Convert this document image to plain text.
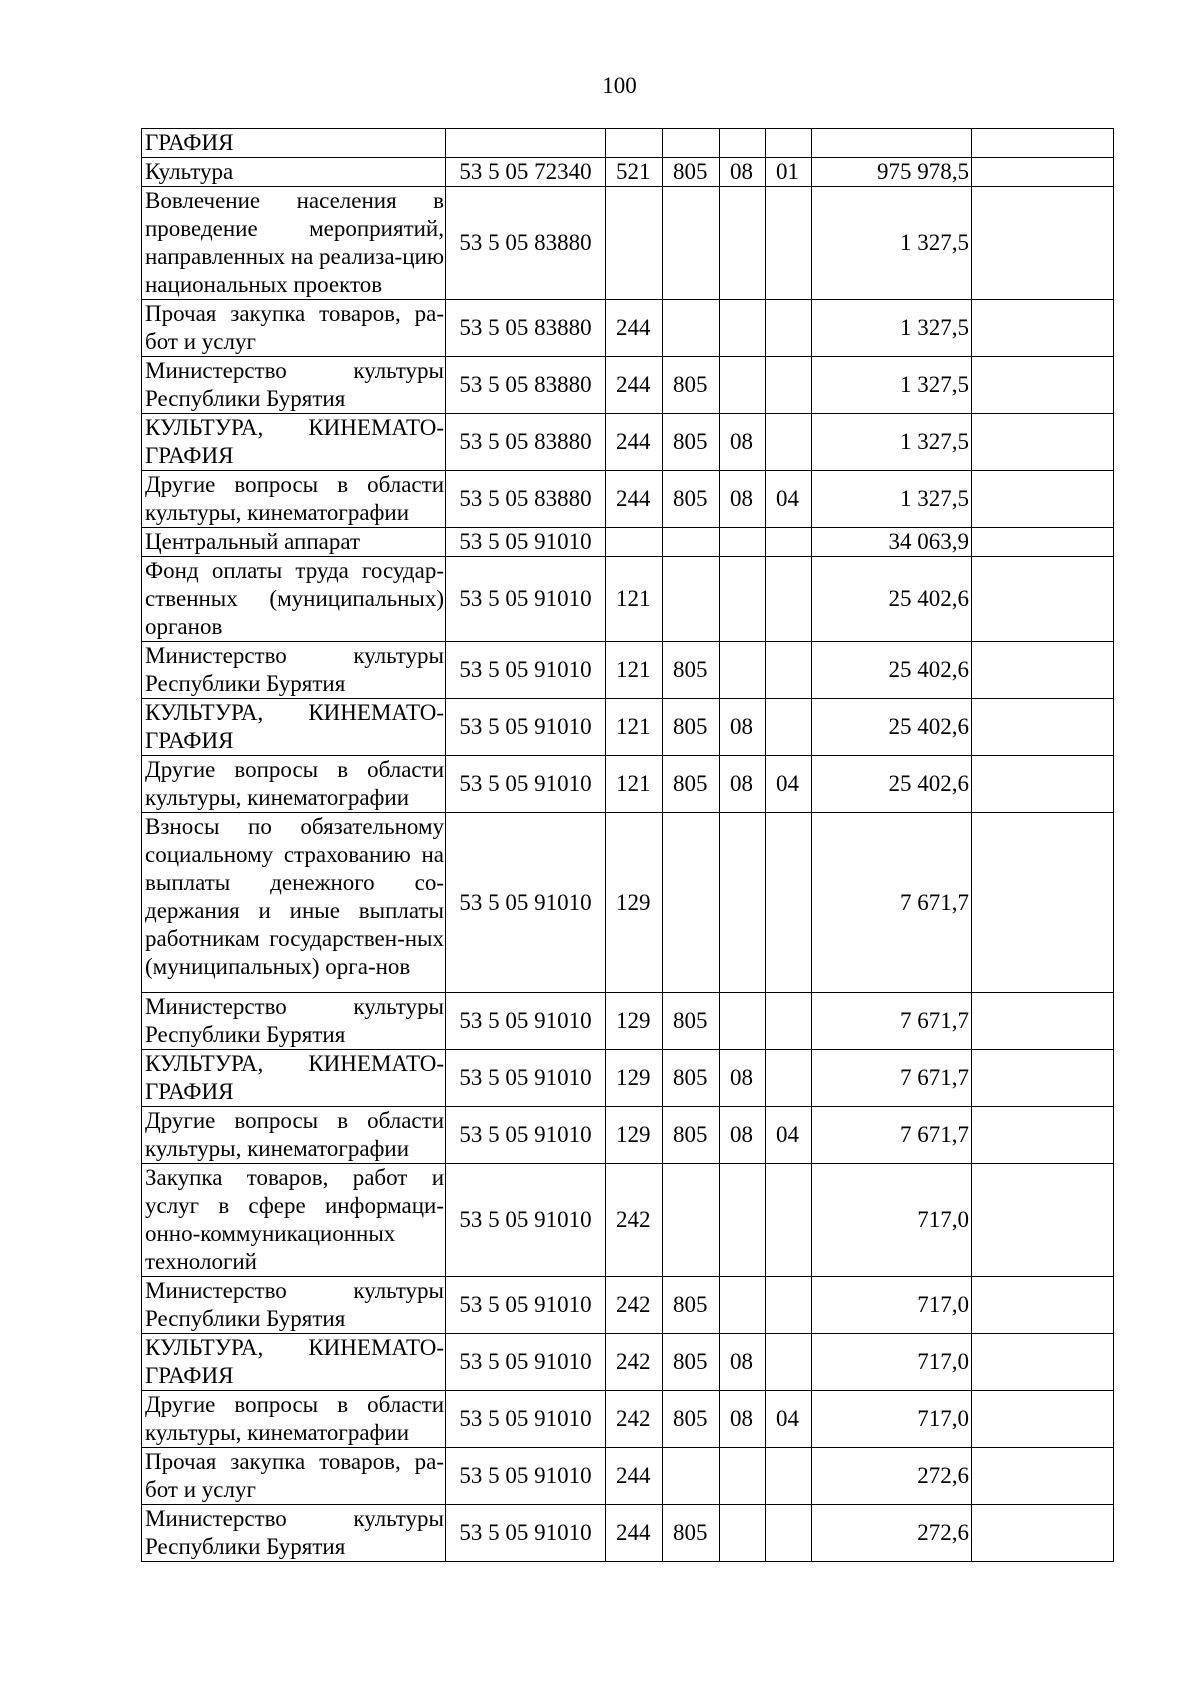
100
ГРАФИЯ							
Культура	53 5 05 72340	521	805	08	01	975 978,5	
Вовлечение населения в проведение мероприятий, направленных на реализа-цию национальных проектов	53 5 05 83880					1 327,5	
Прочая закупка товаров, ра-бот и услуг	53 5 05 83880	244				1 327,5	
Министерство культуры Республики Бурятия	53 5 05 83880	244	805			1 327,5	
КУЛЬТУРА, КИНЕМАТО-ГРАФИЯ	53 5 05 83880	244	805	08		1 327,5	
Другие вопросы в области культуры, кинематографии	53 5 05 83880	244	805	08	04	1 327,5	
Центральный аппарат	53 5 05 91010					34 063,9	
Фонд оплаты труда государ-ственных (муниципальных) органов	53 5 05 91010	121				25 402,6	
Министерство культуры Республики Бурятия	53 5 05 91010	121	805			25 402,6	
КУЛЬТУРА, КИНЕМАТО-ГРАФИЯ	53 5 05 91010	121	805	08		25 402,6	
Другие вопросы в области культуры, кинематографии	53 5 05 91010	121	805	08	04	25 402,6	
Взносы по обязательному социальному страхованию на выплаты денежного со-держания и иные выплаты работникам государствен-ных (муниципальных) орга-нов	53 5 05 91010	129				7 671,7	
Министерство культуры Республики Бурятия	53 5 05 91010	129	805			7 671,7	
КУЛЬТУРА, КИНЕМАТО-ГРАФИЯ	53 5 05 91010	129	805	08		7 671,7	
Другие вопросы в области культуры, кинематографии	53 5 05 91010	129	805	08	04	7 671,7	
Закупка товаров, работ и услуг в сфере информаци-онно-коммуникационных технологий	53 5 05 91010	242				717,0	
Министерство культуры Республики Бурятия	53 5 05 91010	242	805			717,0	
КУЛЬТУРА, КИНЕМАТО-ГРАФИЯ	53 5 05 91010	242	805	08		717,0	
Другие вопросы в области культуры, кинематографии	53 5 05 91010	242	805	08	04	717,0	
Прочая закупка товаров, ра-бот и услуг	53 5 05 91010	244				272,6	
Министерство культуры Республики Бурятия	53 5 05 91010	244	805			272,6	
